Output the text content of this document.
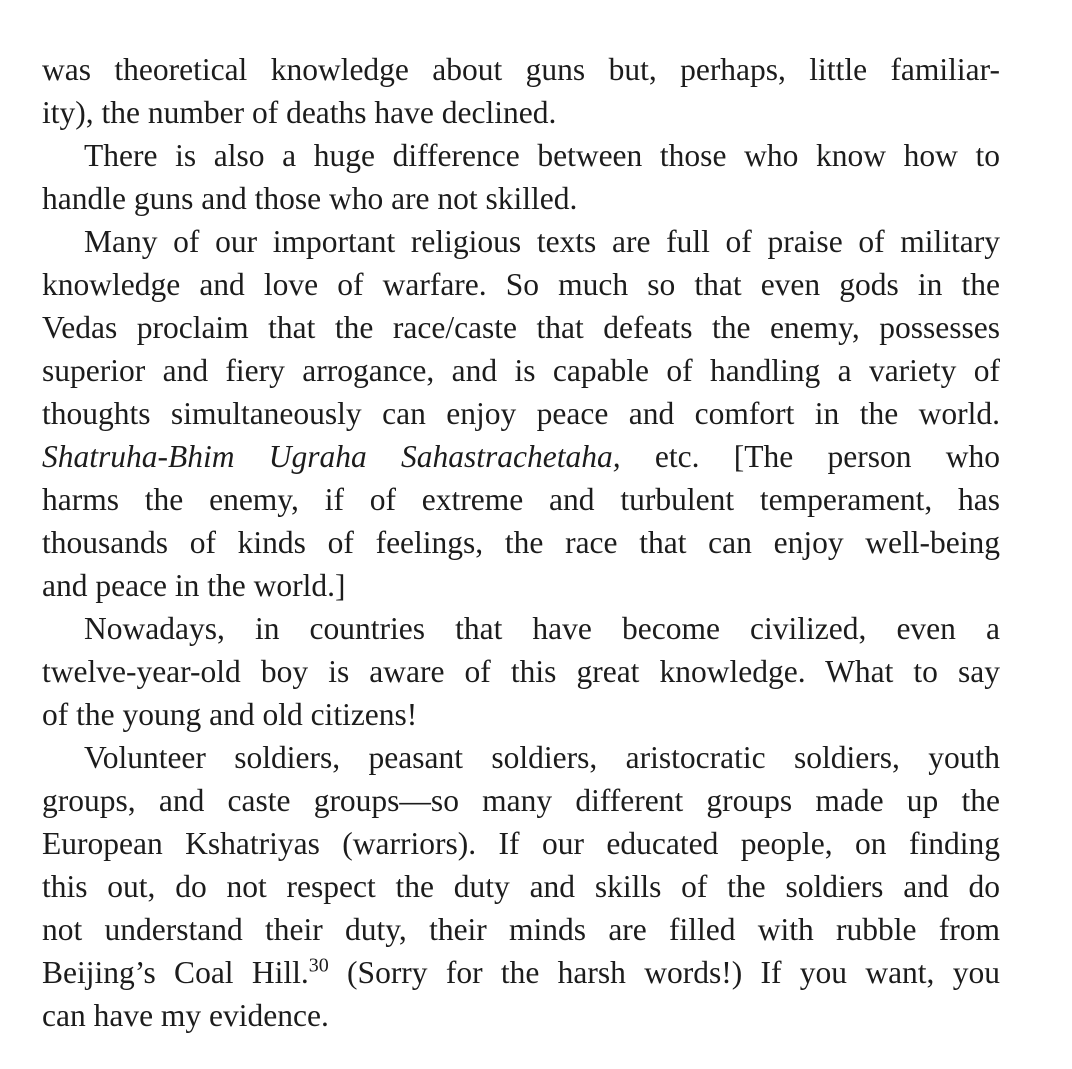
was theoretical knowledge about guns but, perhaps, little familiar-
ity), the number of deaths have declined.
There is also a huge difference between those who know how to
handle guns and those who are not skilled.
Many of our important religious texts are full of praise of military
knowledge and love of warfare. So much so that even gods in the
Vedas proclaim that the race/caste that defeats the enemy, possesses
superior and fiery arrogance, and is capable of handling a variety of
thoughts simultaneously can enjoy peace and comfort in the world.
Shatruha-Bhim Ugraha Sahastrachetaha, etc. [The person who
harms the enemy, if of extreme and turbulent temperament, has
thousands of kinds of feelings, the race that can enjoy well-being
and peace in the world.]
Nowadays, in countries that have become civilized, even a
twelve-year-old boy is aware of this great knowledge. What to say
of the young and old citizens!
Volunteer soldiers, peasant soldiers, aristocratic soldiers, youth
groups, and caste groups—so many different groups made up the
European Kshatriyas (warriors). If our educated people, on finding
this out, do not respect the duty and skills of the soldiers and do
not understand their duty, their minds are filled with rubble from
Beijing’s Coal Hill.$^{30}$ (Sorry for the harsh words!) If you want, you
can have my evidence.
